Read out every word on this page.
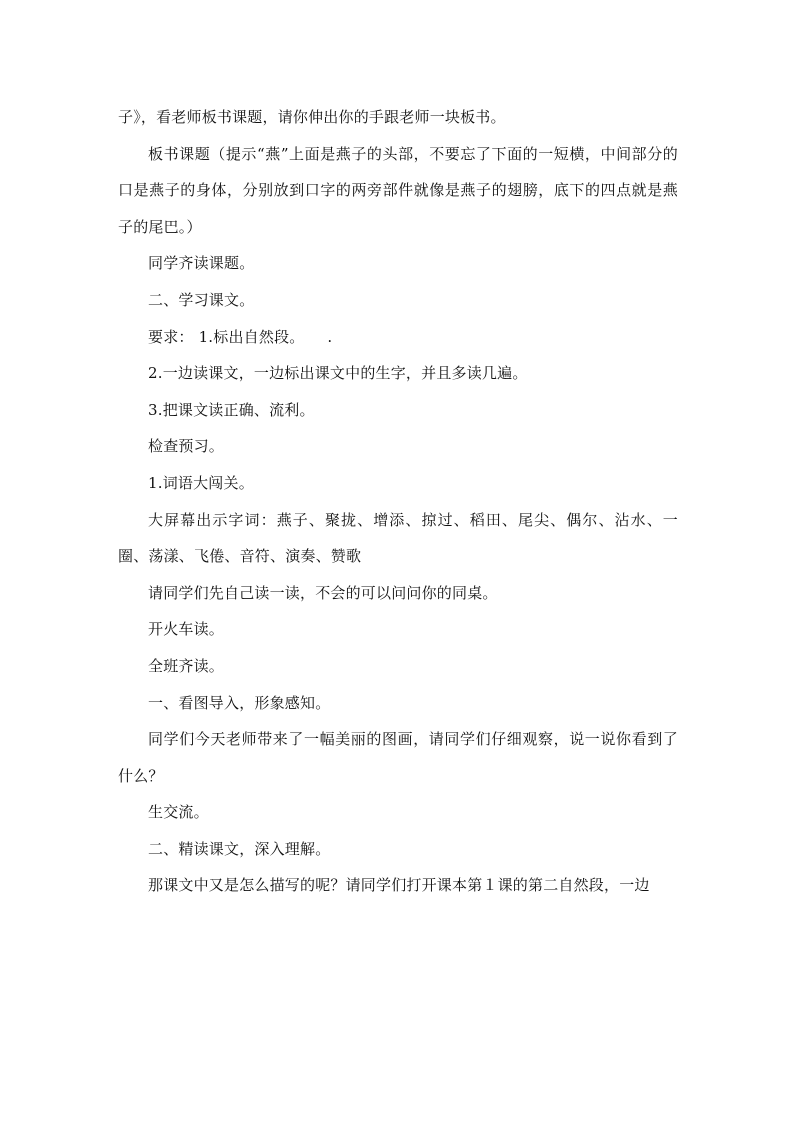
子》，看老师板书课题，请你伸出你的手跟老师一块板书。

板书课题（提示“燕”上面是燕子的头部，不要忘了下面的一短横，中间部分的口是燕子的身体，分别放到口字的两旁部件就像是燕子的翅膀，底下的四点就是燕子的尾巴。）

同学齐读课题。

二、学习课文。

要求： 1.标出自然段。　　.

2.一边读课文，一边标出课文中的生字，并且多读几遍。

3.把课文读正确、流利。

检查预习。

1.词语大闯关。

大屏幕出示字词：燕子、聚拢、增添、掠过、稻田、尾尖、偶尔、沾水、一圈、荡漾、飞倦、音符、演奏、赞歌

请同学们先自己读一读，不会的可以问问你的同桌。

开火车读。

全班齐读。

一、看图导入，形象感知。

同学们今天老师带来了一幅美丽的图画，请同学们仔细观察，说一说你看到了什么？

生交流。

二、精读课文，深入理解。

那课文中又是怎么描写的呢？请同学们打开课本第１课的第二自然段，一边
